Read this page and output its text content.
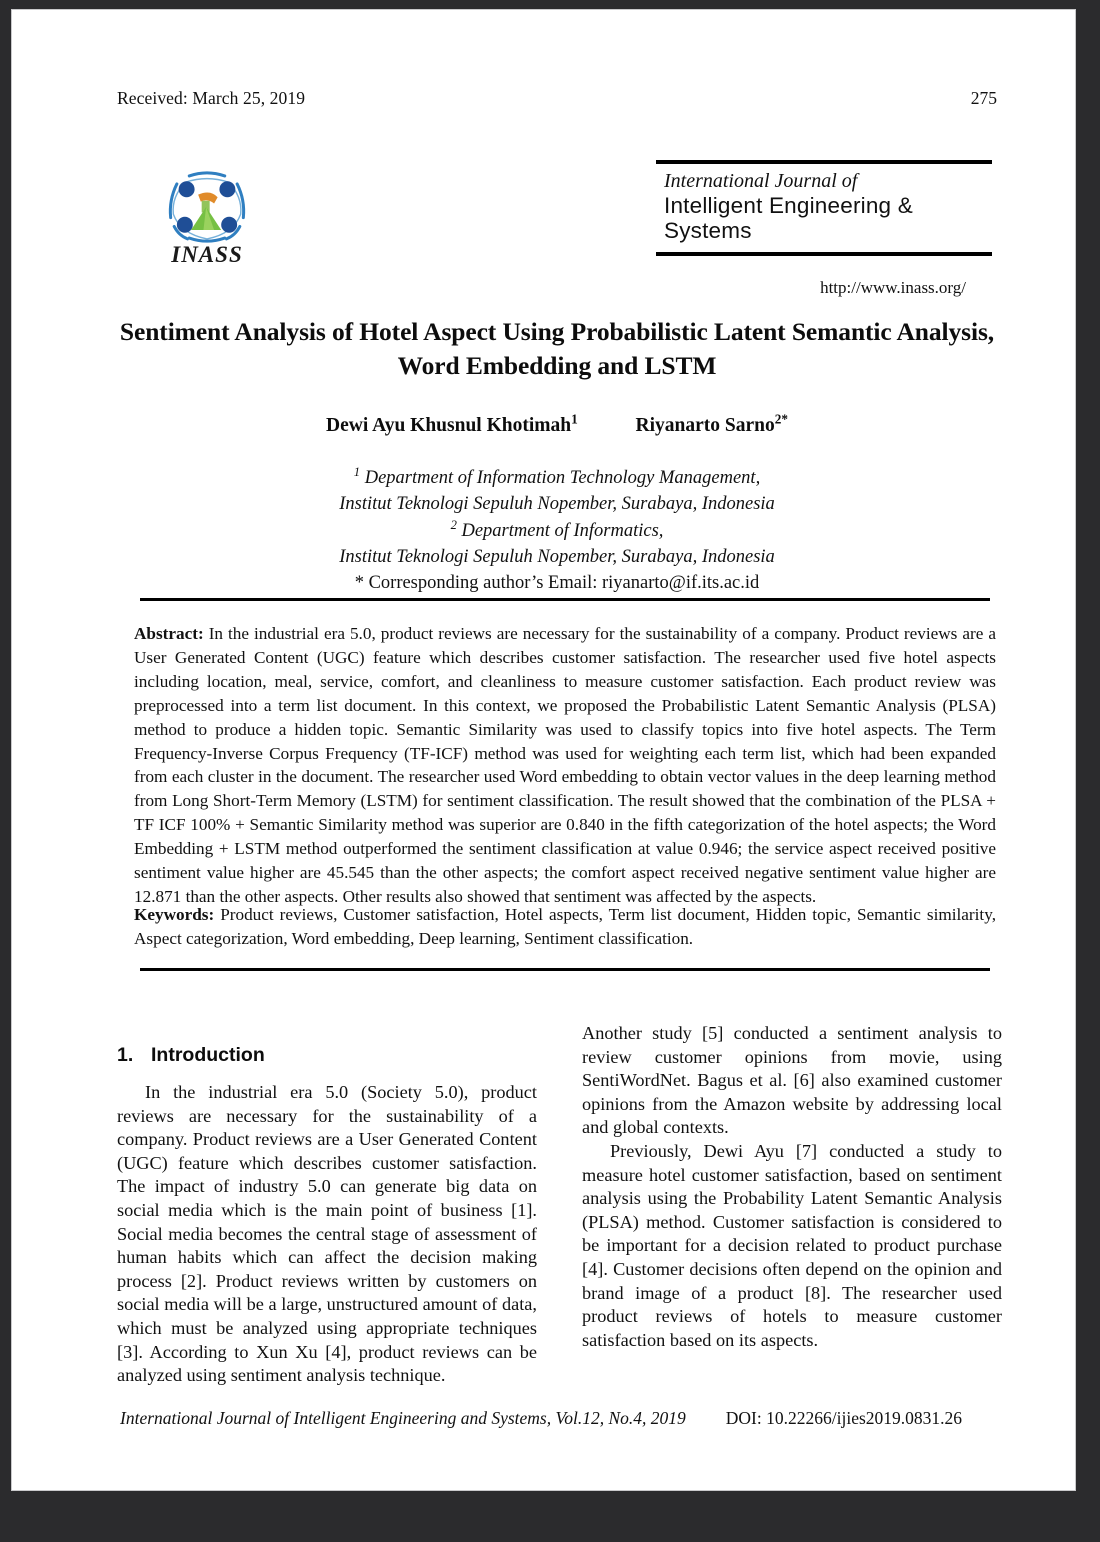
Received: March 25, 2019	275
INASS
International Journal of
Intelligent Engineering & Systems
http://www.inass.org/
Sentiment Analysis of Hotel Aspect Using Probabilistic Latent Semantic Analysis, Word Embedding and LSTM
Dewi Ayu Khusnul Khotimah$^1$	Riyanarto Sarno$^{2*}$
$^1$ Department of Information Technology Management,
Institut Teknologi Sepuluh Nopember, Surabaya, Indonesia
$^2$ Department of Informatics,
Institut Teknologi Sepuluh Nopember, Surabaya, Indonesia
* Corresponding author’s Email: riyanarto@if.its.ac.id
Abstract: In the industrial era 5.0, product reviews are necessary for the sustainability of a company. Product reviews are a User Generated Content (UGC) feature which describes customer satisfaction. The researcher used five hotel aspects including location, meal, service, comfort, and cleanliness to measure customer satisfaction. Each product review was preprocessed into a term list document. In this context, we proposed the Probabilistic Latent Semantic Analysis (PLSA) method to produce a hidden topic. Semantic Similarity was used to classify topics into five hotel aspects. The Term Frequency-Inverse Corpus Frequency (TF-ICF) method was used for weighting each term list, which had been expanded from each cluster in the document. The researcher used Word embedding to obtain vector values in the deep learning method from Long Short-Term Memory (LSTM) for sentiment classification. The result showed that the combination of the PLSA + TF ICF 100% + Semantic Similarity method was superior are 0.840 in the fifth categorization of the hotel aspects; the Word Embedding + LSTM method outperformed the sentiment classification at value 0.946; the service aspect received positive sentiment value higher are 45.545 than the other aspects; the comfort aspect received negative sentiment value higher are 12.871 than the other aspects. Other results also showed that sentiment was affected by the aspects.
Keywords: Product reviews, Customer satisfaction, Hotel aspects, Term list document, Hidden topic, Semantic similarity, Aspect categorization, Word embedding, Deep learning, Sentiment classification.
1. Introduction

In the industrial era 5.0 (Society 5.0), product reviews are necessary for the sustainability of a company. Product reviews are a User Generated Content (UGC) feature which describes customer satisfaction. The impact of industry 5.0 can generate big data on social media which is the main point of business [1]. Social media becomes the central stage of assessment of human habits which can affect the decision making process [2]. Product reviews written by customers on social media will be a large, unstructured amount of data, which must be analyzed using appropriate techniques [3]. According to Xun Xu [4], product reviews can be analyzed using sentiment analysis technique.

Another study [5] conducted a sentiment analysis to review customer opinions from movie, using SentiWordNet. Bagus et al. [6] also examined customer opinions from the Amazon website by addressing local and global contexts.

Previously, Dewi Ayu [7] conducted a study to measure hotel customer satisfaction, based on sentiment analysis using the Probability Latent Semantic Analysis (PLSA) method. Customer satisfaction is considered to be important for a decision related to product purchase [4]. Customer decisions often depend on the opinion and brand image of a product [8]. The researcher used product reviews of hotels to measure customer satisfaction based on its aspects.

International Journal of Intelligent Engineering and Systems, Vol.12, No.4, 2019 DOI: 10.22266/ijies2019.0831.26
